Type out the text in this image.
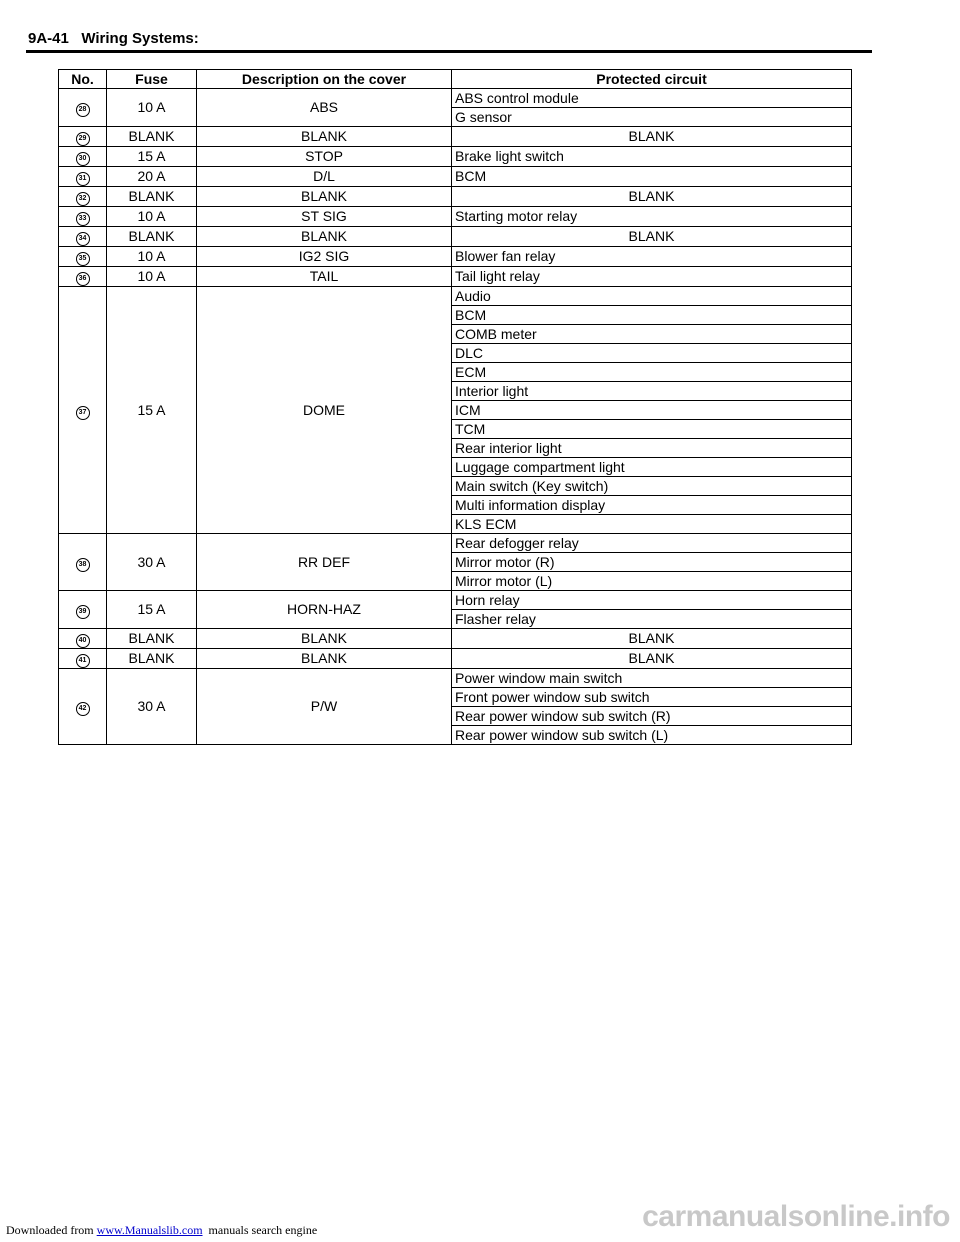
9A-41   Wiring Systems:
No.	Fuse	Description on the cover	Protected circuit
28	10 A	ABS	ABS control module
			G sensor
29	BLANK	BLANK	BLANK
30	15 A	STOP	Brake light switch
31	20 A	D/L	BCM
32	BLANK	BLANK	BLANK
33	10 A	ST SIG	Starting motor relay
34	BLANK	BLANK	BLANK
35	10 A	IG2 SIG	Blower fan relay
36	10 A	TAIL	Tail light relay
37	15 A	DOME	Audio
			BCM
			COMB meter
			DLC
			ECM
			Interior light
			ICM
			TCM
			Rear interior light
			Luggage compartment light
			Main switch (Key switch)
			Multi information display
			KLS ECM
38	30 A	RR DEF	Rear defogger relay
			Mirror motor (R)
			Mirror motor (L)
39	15 A	HORN-HAZ	Horn relay
			Flasher relay
40	BLANK	BLANK	BLANK
41	BLANK	BLANK	BLANK
42	30 A	P/W	Power window main switch
			Front power window sub switch
			Rear power window sub switch (R)
			Rear power window sub switch (L)
Downloaded from www.Manualslib.com  manuals search engine	carmanualsonline.info
